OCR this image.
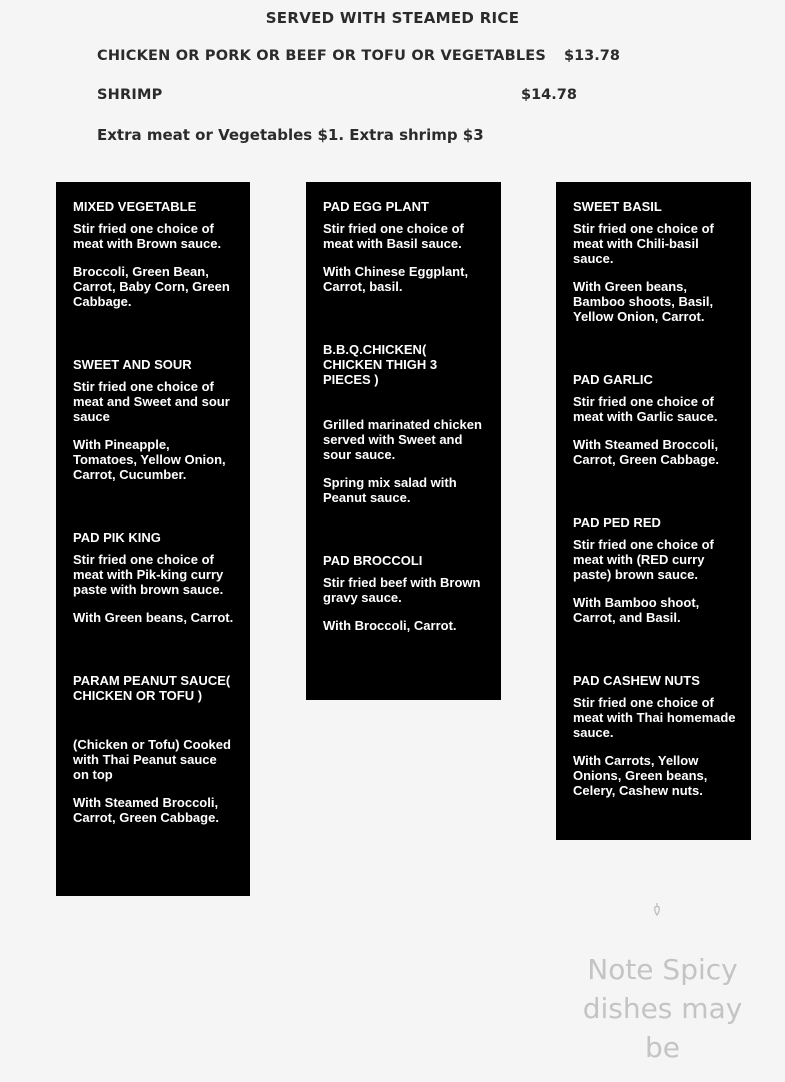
SERVED WITH STEAMED RICE
CHICKEN OR PORK OR BEEF OR TOFU OR VEGETABLES $13.78
SHRIMP	$14.78
Extra meat or Vegetables $1. Extra shrimp $3
MIXED VEGETABLE

Stir fried one choice of meat with Brown sauce.

Broccoli, Green Bean, Carrot, Baby Corn, Green Cabbage.

SWEET AND SOUR

Stir fried one choice of meat and Sweet and sour sauce

With Pineapple, Tomatoes, Yellow Onion, Carrot, Cucumber.

PAD PIK KING

Stir fried one choice of meat with Pik-king curry paste with brown sauce.

With Green beans, Carrot.

PARAM PEANUT SAUCE( CHICKEN OR TOFU )

(Chicken or Tofu) Cooked with Thai Peanut sauce on top

With Steamed Broccoli, Carrot, Green Cabbage.

PAD EGG PLANT

Stir fried one choice of meat with Basil sauce.

With Chinese Eggplant, Carrot, basil.

B.B.Q.CHICKEN( CHICKEN THIGH 3 PIECES )

Grilled marinated chicken served with Sweet and sour sauce.

Spring mix salad with Peanut sauce.

PAD BROCCOLI

Stir fried beef with Brown gravy sauce.

With Broccoli, Carrot.

SWEET BASIL

Stir fried one choice of meat with Chili-basil sauce.

With Green beans, Bamboo shoots, Basil, Yellow Onion, Carrot.

PAD GARLIC

Stir fried one choice of meat with Garlic sauce.

With Steamed Broccoli, Carrot, Green Cabbage.

PAD PED RED

Stir fried one choice of meat with (RED curry paste) brown sauce.

With Bamboo shoot, Carrot, and Basil.

PAD CASHEW NUTS

Stir fried one choice of meat with Thai homemade sauce.

With Carrots, Yellow Onions, Green beans, Celery, Cashew nuts.

Note Spicy dishes may be
